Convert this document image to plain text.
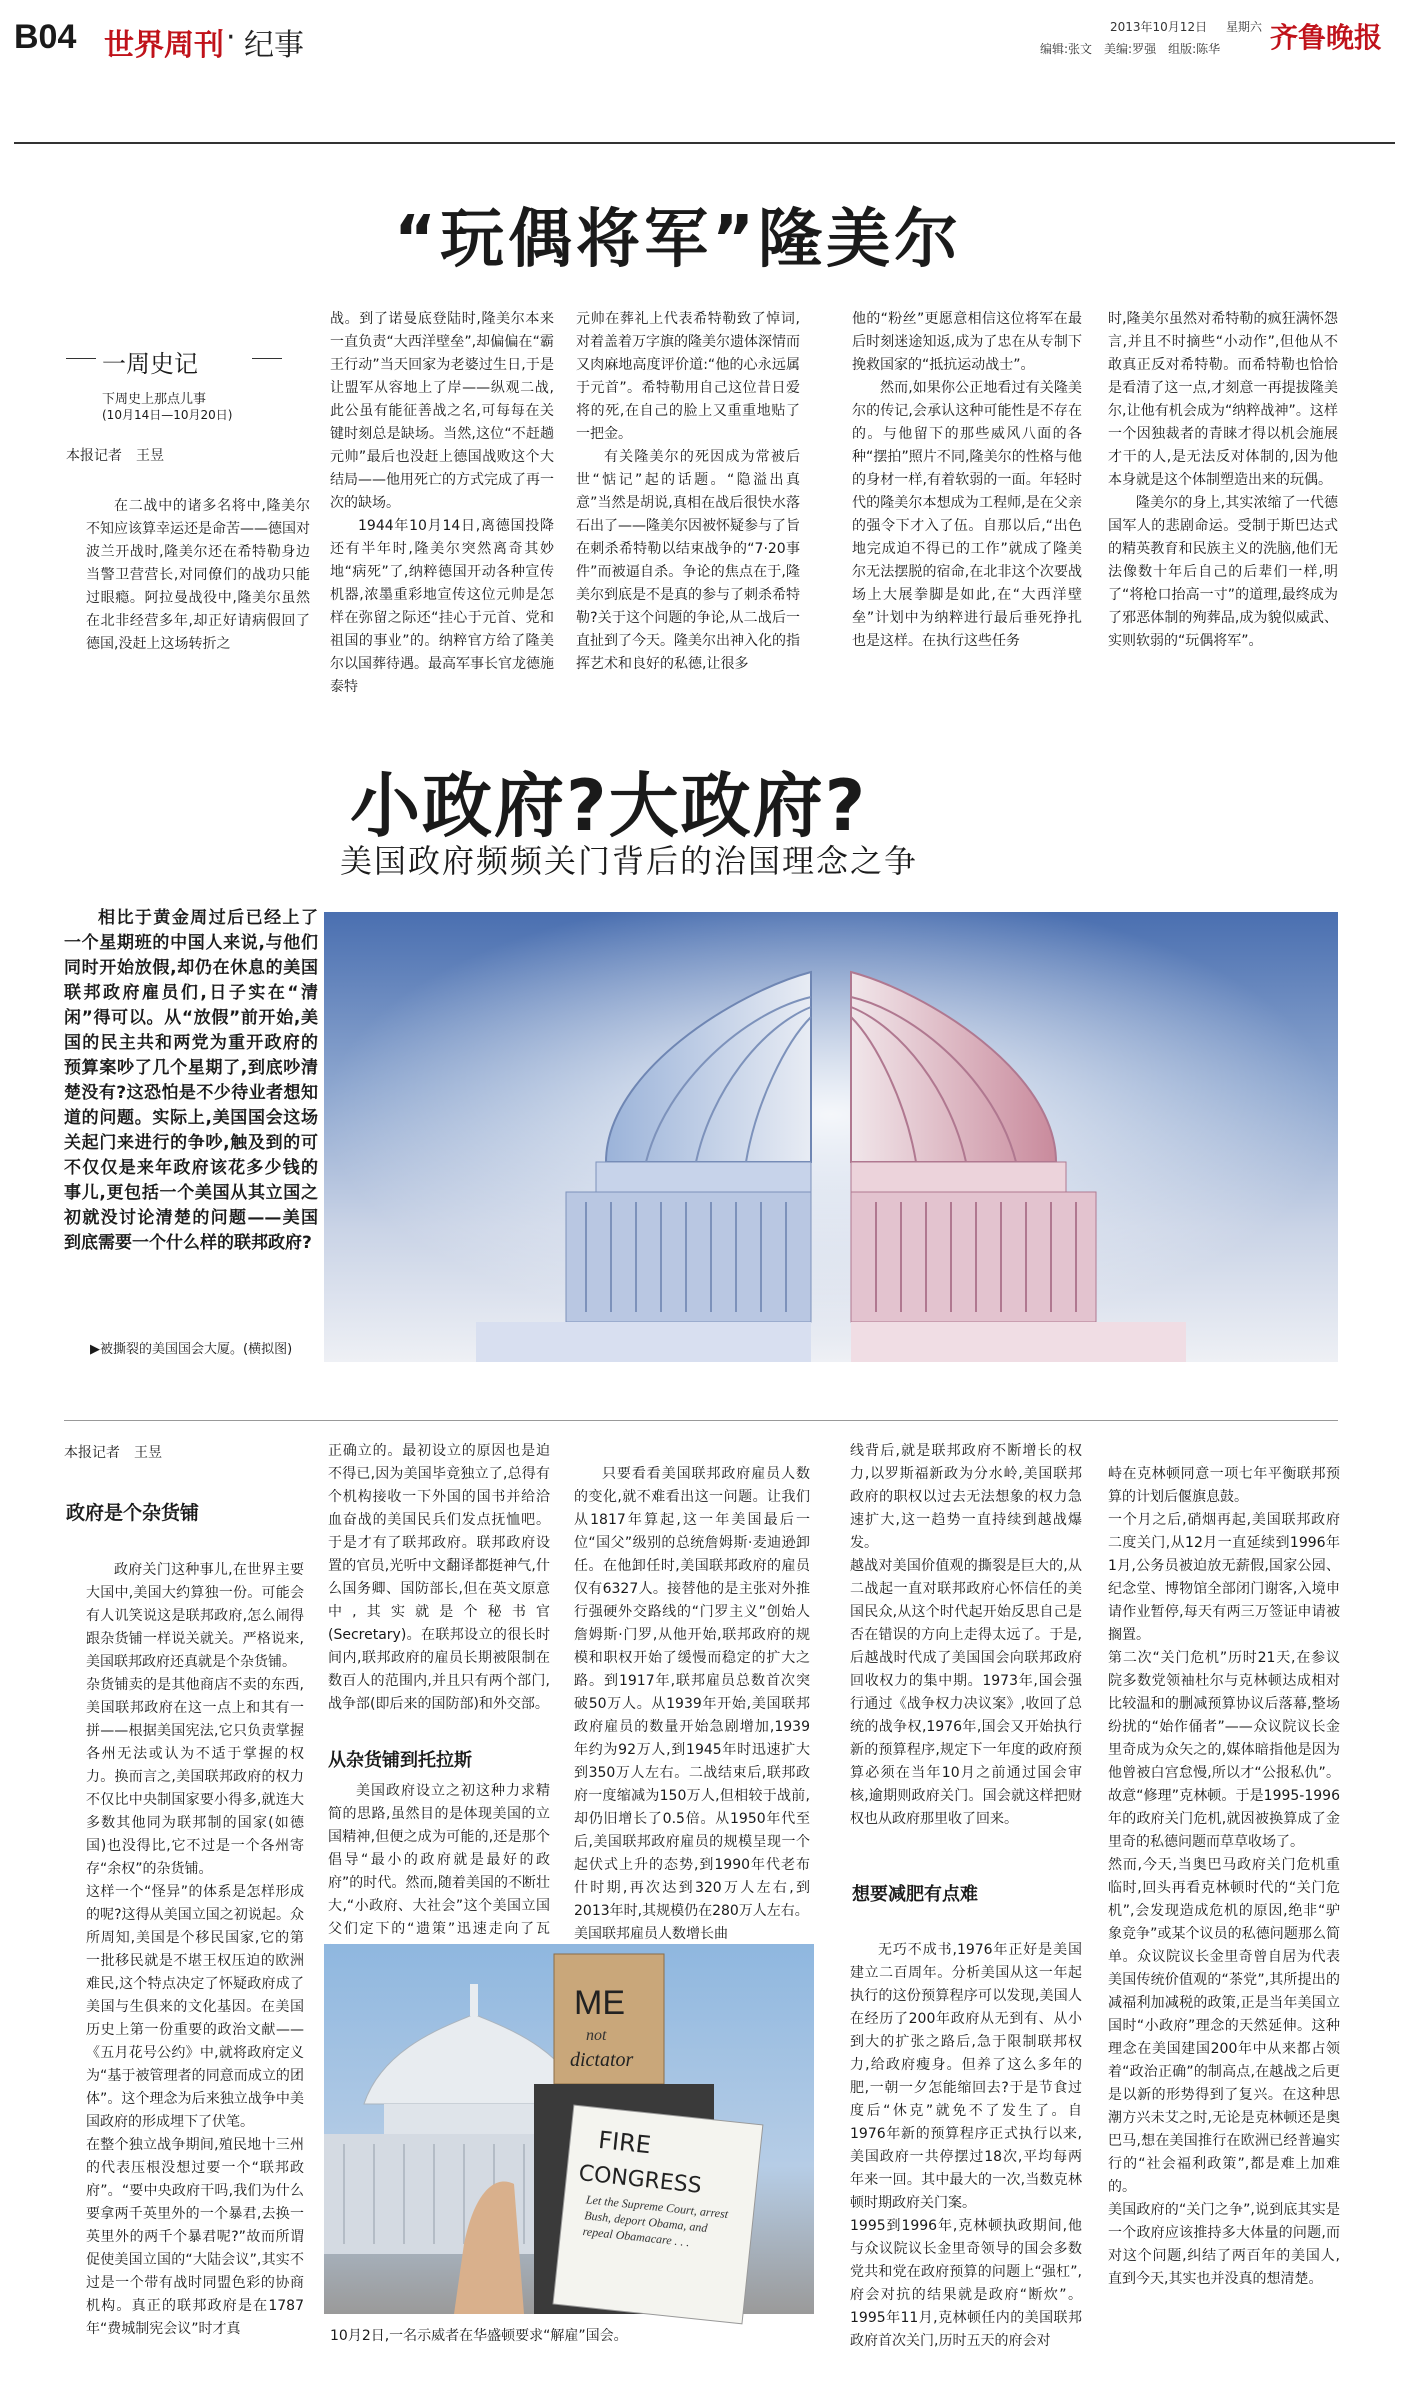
B04 世界周刊 · 纪事
2013年10月12日 星期六
编辑:张文　美编:罗强　组版:陈华 齐鲁晚报
“玩偶将军”隆美尔
一周史记
下周史上那点儿事
(10月14日—10月20日)
本报记者　王昱

在二战中的诸多名将中,隆美尔不知应该算幸运还是命苦——德国对波兰开战时,隆美尔还在希特勒身边当警卫营营长,对同僚们的战功只能过眼瘾。阿拉曼战役中,隆美尔虽然在北非经营多年,却正好请病假回了德国,没赶上这场转折之

战。到了诺曼底登陆时,隆美尔本来一直负责“大西洋壁垒”,却偏偏在“霸王行动”当天回家为老婆过生日,于是让盟军从容地上了岸——纵观二战,此公虽有能征善战之名,可每每在关键时刻总是缺场。当然,这位“不赶趟元帅”最后也没赶上德国战败这个大结局——他用死亡的方式完成了再一次的缺场。

1944年10月14日,离德国投降还有半年时,隆美尔突然离奇其妙地“病死”了,纳粹德国开动各种宣传机器,浓墨重彩地宣传这位元帅是怎样在弥留之际还“挂心于元首、党和祖国的事业”的。纳粹官方给了隆美尔以国葬待遇。最高军事长官龙德施泰特

元帅在葬礼上代表希特勒致了悼词,对着盖着万字旗的隆美尔遗体深情而又肉麻地高度评价道:“他的心永远属于元首”。希特勒用自己这位昔日爱将的死,在自己的脸上又重重地贴了一把金。

有关隆美尔的死因成为常被后世“惦记”起的话题。“隐溢出真意”当然是胡说,真相在战后很快水落石出了——隆美尔因被怀疑参与了旨在刺杀希特勒以结束战争的“7·20事件”而被逼自杀。争论的焦点在于,隆美尔到底是不是真的参与了刺杀希特勒?关于这个问题的争论,从二战后一直扯到了今天。隆美尔出神入化的指挥艺术和良好的私德,让很多

他的“粉丝”更愿意相信这位将军在最后时刻迷途知返,成为了忠在从专制下挽救国家的“抵抗运动战士”。

然而,如果你公正地看过有关隆美尔的传记,会承认这种可能性是不存在的。与他留下的那些威风八面的各种“摆拍”照片不同,隆美尔的性格与他的身材一样,有着软弱的一面。年轻时代的隆美尔本想成为工程师,是在父亲的强令下才入了伍。自那以后,“出色地完成迫不得已的工作”就成了隆美尔无法摆脱的宿命,在北非这个次要战场上大展拳脚是如此,在“大西洋壁垒”计划中为纳粹进行最后垂死挣扎也是这样。在执行这些任务

时,隆美尔虽然对希特勒的疯狂满怀怨言,并且不时摘些“小动作”,但他从不敢真正反对希特勒。而希特勒也恰恰是看清了这一点,才刻意一再提拔隆美尔,让他有机会成为“纳粹战神”。这样一个因独裁者的青睐才得以机会施展才干的人,是无法反对体制的,因为他本身就是这个体制塑造出来的玩偶。

隆美尔的身上,其实浓缩了一代德国军人的悲剧命运。受制于斯巴达式的精英教育和民族主义的洗脑,他们无法像数十年后自己的后辈们一样,明了“将枪口抬高一寸”的道理,最终成为了邪恶体制的殉葬品,成为貌似威武、实则软弱的“玩偶将军”。

小政府?大政府?
美国政府频频关门背后的治国理念之争

相比于黄金周过后已经上了一个星期班的中国人来说,与他们同时开始放假,却仍在休息的美国联邦政府雇员们,日子实在“清闲”得可以。从“放假”前开始,美国的民主共和两党为重开政府的预算案吵了几个星期了,到底吵清楚没有?这恐怕是不少待业者想知道的问题。实际上,美国国会这场关起门来进行的争吵,触及到的可不仅仅是来年政府该花多少钱的事儿,更包括一个美国从其立国之初就没讨论清楚的问题——美国到底需要一个什么样的联邦政府?

▶被撕裂的美国国会大厦。(横拟图)
本报记者　王昱
政府是个杂货铺

政府关门这种事儿,在世界主要大国中,美国大约算独一份。可能会有人讥笑说这是联邦政府,怎么闹得跟杂货铺一样说关就关。严格说来,美国联邦政府还真就是个杂货铺。
杂货铺卖的是其他商店不卖的东西,美国联邦政府在这一点上和其有一拼——根据美国宪法,它只负责掌握各州无法或认为不适于掌握的权力。换而言之,美国联邦政府的权力不仅比中央制国家要小得多,就连大多数其他同为联邦制的国家(如德国)也没得比,它不过是一个各州寄存“余权”的杂货铺。
这样一个“怪异”的体系是怎样形成的呢?这得从美国立国之初说起。众所周知,美国是个移民国家,它的第一批移民就是不堪王权压迫的欧洲难民,这个特点决定了怀疑政府成了美国与生俱来的文化基因。在美国历史上第一份重要的政治文献——《五月花号公约》中,就将政府定义为“基于被管理者的同意而成立的团体”。这个理念为后来独立战争中美国政府的形成埋下了伏笔。
在整个独立战争期间,殖民地十三州的代表压根没想过要一个“联邦政府”。“要中央政府干吗,我们为什么要拿两千英里外的一个暴君,去换一英里外的两千个暴君呢?”故而所谓促使美国立国的“大陆会议”,其实不过是一个带有战时同盟色彩的协商机构。真正的联邦政府是在1787年“费城制宪会议”时才真

正确立的。最初设立的原因也是迫不得已,因为美国毕竟独立了,总得有个机构接收一下外国的国书并给洽血奋战的美国民兵们发点抚恤吧。于是才有了联邦政府。联邦政府设置的官员,光听中文翻译都挺神气,什么国务卿、国防部长,但在英文原意中,其实就是个秘书官(Secretary)。在联邦设立的很长时间内,联邦政府的雇员长期被限制在数百人的范围内,并且只有两个部门,战争部(即后来的国防部)和外交部。

从杂货铺到托拉斯

美国政府设立之初这种力求精简的思路,虽然目的是体现美国的立国精神,但便之成为可能的,还是那个倡导“最小的政府就是最好的政府”的时代。然而,随着美国的不断壮大,“小政府、大社会”这个美国立国父们定下的“遗策”迅速走向了瓦

只要看看美国联邦政府雇员人数的变化,就不难看出这一问题。让我们从1817年算起,这一年美国最后一位“国父”级别的总统詹姆斯·麦迪逊卸任。在他卸任时,美国联邦政府的雇员仅有6327人。接替他的是主张对外推行强硬外交路线的“门罗主义”创始人詹姆斯·门罗,从他开始,联邦政府的规模和职权开始了缓慢而稳定的扩大之路。到1917年,联邦雇员总数首次突破50万人。从1939年开始,美国联邦政府雇员的数量开始急剧增加,1939年约为92万人,到1945年时迅速扩大到350万人左右。二战结束后,联邦政府一度缩减为150万人,但相较于战前,却仍旧增长了0.5倍。从1950年代至后,美国联邦政府雇员的规模呈现一个起伏式上升的态势,到1990年代老布什时期,再次达到320万人左右,到2013年时,其规模仍在280万人左右。
美国联邦雇员人数增长曲

线背后,就是联邦政府不断增长的权力,以罗斯福新政为分水岭,美国联邦政府的职权以过去无法想象的权力急速扩大,这一趋势一直持续到越战爆发。
越战对美国价值观的撕裂是巨大的,从二战起一直对联邦政府心怀信任的美国民众,从这个时代起开始反思自己是否在错误的方向上走得太远了。于是,后越战时代成了美国国会向联邦政府回收权力的集中期。1973年,国会强行通过《战争权力决议案》,收回了总统的战争权,1976年,国会又开始执行新的预算程序,规定下一年度的政府预算必须在当年10月之前通过国会审核,逾期则政府关门。国会就这样把财权也从政府那里收了回来。

想要减肥有点难

无巧不成书,1976年正好是美国建立二百周年。分析美国从这一年起执行的这份预算程序可以发现,美国人在经历了200年政府从无到有、从小到大的扩张之路后,急于限制联邦权力,给政府瘦身。但养了这么多年的肥,一朝一夕怎能缩回去?于是节食过度后“休克”就免不了发生了。自1976年新的预算程序正式执行以来,美国政府一共停摆过18次,平均每两年来一回。其中最大的一次,当数克林顿时期政府关门案。
1995到1996年,克林顿执政期间,他与众议院议长金里奇领导的国会多数党共和党在政府预算的问题上“强杠”,府会对抗的结果就是政府“断炊”。1995年11月,克林顿任内的美国联邦政府首次关门,历时五天的府会对

峙在克林顿同意一项七年平衡联邦预算的计划后偃旗息鼓。
一个月之后,硝烟再起,美国联邦政府二度关门,从12月一直延续到1996年1月,公务员被迫放无薪假,国家公园、纪念堂、博物馆全部闭门谢客,入境申请作业暂停,每天有两三万签证申请被搁置。
第二次“关门危机”历时21天,在参议院多数党领袖杜尔与克林顿达成相对比较温和的删减预算协议后落幕,整场纷扰的“始作俑者”——众议院议长金里奇成为众矢之的,媒体暗指他是因为他曾被白宫怠慢,所以才“公报私仇”。故意“修理”克林顿。于是1995-1996年的政府关门危机,就因被换算成了金里奇的私德问题而草草收场了。
然而,今天,当奥巴马政府关门危机重临时,回头再看克林顿时代的“关门危机”,会发现造成危机的原因,绝非“驴象竞争”或某个议员的私德问题那么简单。众议院议长金里奇曾自居为代表美国传统价值观的“茶党”,其所提出的减福利加减税的政策,正是当年美国立国时“小政府”理念的天然延伸。这种理念在美国建国200年中从来都占领着“政治正确”的制高点,在越战之后更是以新的形势得到了复兴。在这种思潮方兴未艾之时,无论是克林顿还是奥巴马,想在美国推行在欧洲已经普遍实行的“社会福利政策”,都是难上加难的。
美国政府的“关门之争”,说到底其实是一个政府应该推持多大体量的问题,而对这个问题,纠结了两百年的美国人,直到今天,其实也并没真的想清楚。

ME
not
dictator
FIRE
CONGRESS
Let the Supreme Court, arrest Bush, deport Obama, and repeal Obamacare . . .
10月2日,一名示威者在华盛顿要求“解雇”国会。
